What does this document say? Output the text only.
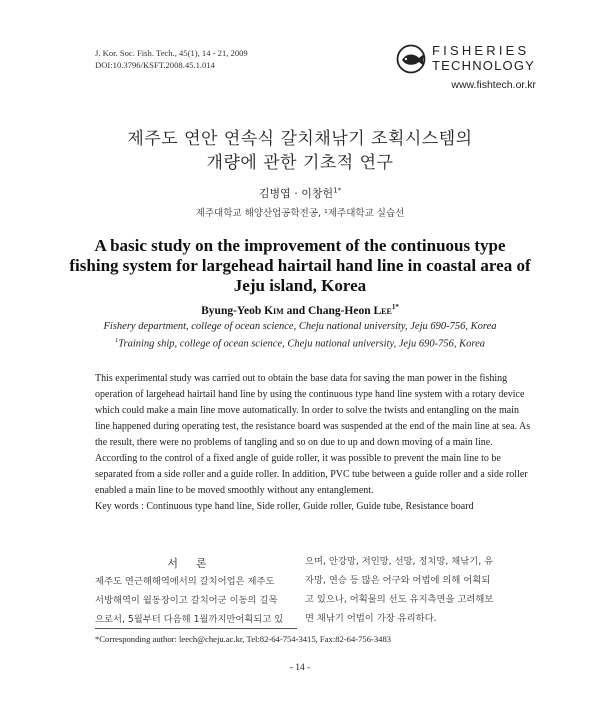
J. Kor. Soc. Fish. Tech., 45(1), 14 - 21, 2009
DOI:10.3796/KSFT.2008.45.1.014
FISHERIES
TECHNOLOGY
www.fishtech.or.kr
제주도 연안 연속식 갈치채낚기 조획시스템의
개량에 관한 기초적 연구
김병엽 · 이창헌$^{1*}$
제주대학교 해양산업공학전공, ¹제주대학교 실습선
A basic study on the improvement of the continuous type
fishing system for largehead hairtail hand line in coastal area of
Jeju island, Korea
Byung-Yeob Kim and Chang-Heon Lee$^{1*}$
Fishery department, college of ocean science, Cheju national university, Jeju 690-756, Korea
$^1$Training ship, college of ocean science, Cheju national university, Jeju 690-756, Korea
This experimental study was carried out to obtain the base data for saving the man power in the fishing
operation of largehead hairtail hand line by using the continuous type hand line system with a rotary device
which could make a main line move automatically. In order to solve the twists and entangling on the main
line happened during operating test, the resistance board was suspended at the end of the main line at sea. As
the result, there were no problems of tangling and so on due to up and down moving of a main line.
According to the control of a fixed angle of guide roller, it was possible to prevent the main line to be
separated from a side roller and a guide roller. In addition, PVC tube between a guide roller and a side roller
enabled a main line to be moved smoothly without any entanglement.
Key words : Continuous type hand line, Side roller, Guide roller, Guide tube, Resistance board
서론
제주도 연근해해역에서의 갈치어업은 제주도
서방해역이 월동장이고 갈치어군 이동의 길목
으로서, 5월부터 다음해 1월까지만어획되고 있
으며, 안강망, 저인망, 선망, 정치망, 채낚기, 유
자망, 연승 등 많은 어구와 어법에 의해 어획되
고 있으나, 어획물의 선도 유지측면을 고려해보
면 채낚기 어법이 가장 유리하다.
*Corresponding author: leech@cheju.ac.kr, Tel:82-64-754-3415, Fax:82-64-756-3483
- 14 -
